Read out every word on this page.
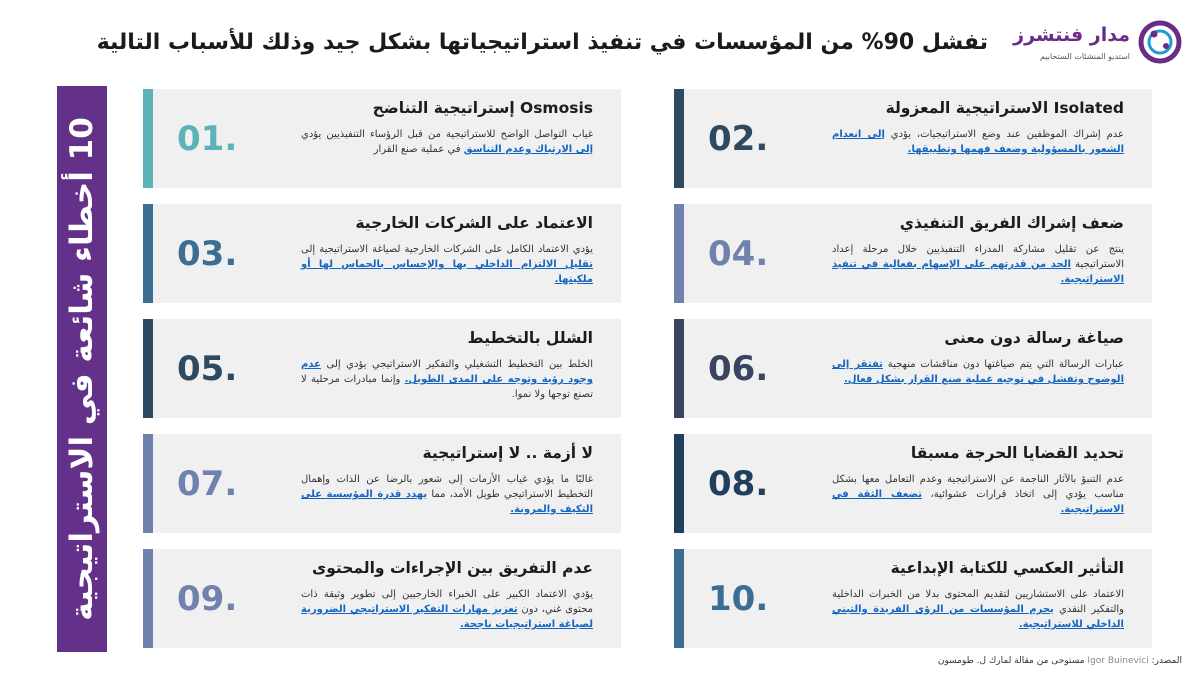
مدار فنتشرز
استديو المنشئات الستحابيم
تفشل 90% من المؤسسات في تنفيذ استراتيجياتها بشكل جيد وذلك للأسباب التالية
10 أخطاء شائعة في الاستراتيجية 01.
Osmosis إستراتيجية التناضح
غياب التواصل الواضح للاستراتيجية من قبل الرؤساء التنفيذيين يؤدي إلى الارتباك وعدم التناسق في عملية صنع القرار	02.
Isolated الاستراتيجية المعزولة
عدم إشراك الموظفين عند وضع الاستراتيجيات، يؤدي إلى انعدام الشعور بالمسؤولية وضعف فهمها وتطبيقها.
03.
الاعتماد على الشركات الخارجية
يؤدي الاعتماد الكامل على الشركات الخارجية لصياغة الاستراتيجية إلى تقليل الالتزام الداخلي بها والإحساس بالحماس لها أو ملكيتها.
04.
ضعف إشراك الفريق التنفيذي
ينتج عن تقليل مشاركة المدراء التنفيذيين خلال مرحلة إعداد الاستراتيجية الحد من قدرتهم على الإسهام بفعالية في تنفيذ الاستراتيجية.
05.
الشلل بالتخطيط
الخلط بين التخطيط التشغيلي والتفكير الاستراتيجي يؤدي إلى عدم وجود رؤية وتوجه على المدى الطويل. وإنما مبادرات مرحلية لا تصنع توجها ولا نموا.
06.
صياغة رسالة دون معنى
عبارات الرسالة التي يتم صياغتها دون مناقشات منهجية تفتقر إلى الوضوح وتفشل في توجيه عملية صنع القرار بشكل فعال.
07.
لا أزمة .. لا إستراتيجية
غالبًا ما يؤدي غياب الأزمات إلى شعور بالرضا عن الذات وإهمال التخطيط الاستراتيجي طويل الأمد، مما يهدد قدرة المؤسسة على التكيف والمرونة.
08.
تحديد القضايا الحرجة مسبقا
عدم التنبؤ بالآثار الناجمة عن الاستراتيجية وعدم التعامل معها بشكل مناسب يؤدي إلى اتخاذ قرارات عشوائية، تضعف الثقة في الاستراتيجية.
09.
عدم التفريق بين الإجراءات والمحتوى
يؤدي الاعتماد الكبير على الخبراء الخارجيين إلى تطوير وثيقة ذات محتوى غني، دون تعزيز مهارات التفكير الاستراتيجي الضرورية لصياغة استراتيجيات ناجحة.
10.
التأثير العكسي للكتابة الإبداعية
الاعتماد على الاستشاريين لتقديم المحتوى بدلا من الخبرات الداخلية والتفكير النقدي يحرم المؤسسات من الرؤى الفريدة والتبني الداخلي للاستراتيجية.
المصدر: Igor Buinevici مستوحى من مقالة لمارك ل. طومسون
